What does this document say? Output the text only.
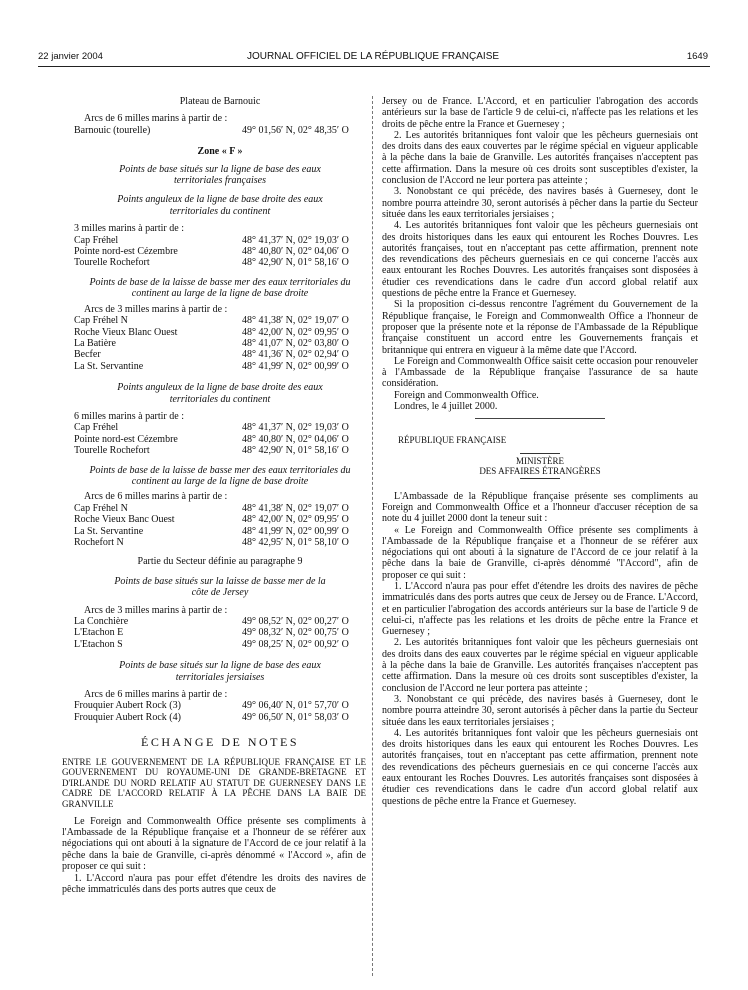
22 janvier 2004	JOURNAL OFFICIEL DE LA RÉPUBLIQUE FRANÇAISE	1649
Plateau de Barnouic
Arcs de 6 milles marins à partir de :
Barnouic (tourelle)	49° 01,56′ N, 02° 48,35′ O
Zone « F »
Points de base situés sur la ligne de base des eaux territoriales françaises
Points anguleux de la ligne de base droite des eaux territoriales du continent
3 milles marins à partir de :
Cap Fréhel	48° 41,37′ N, 02° 19,03′ O
Pointe nord-est Cézembre	48° 40,80′ N, 02° 04,06′ O
Tourelle Rochefort	48° 42,90′ N, 01° 58,16′ O
Points de base de la laisse de basse mer des eaux territoriales du continent au large de la ligne de base droite
Arcs de 3 milles marins à partir de :
Cap Fréhel N	48° 41,38′ N, 02° 19,07′ O
Roche Vieux Blanc Ouest	48° 42,00′ N, 02° 09,95′ O
La Batière	48° 41,07′ N, 02° 03,80′ O
Becfer	48° 41,36′ N, 02° 02,94′ O
La St. Servantine	48° 41,99′ N, 02° 00,99′ O
Points anguleux de la ligne de base droite des eaux territoriales du continent
6 milles marins à partir de :
Cap Fréhel	48° 41,37′ N, 02° 19,03′ O
Pointe nord-est Cézembre	48° 40,80′ N, 02° 04,06′ O
Tourelle Rochefort	48° 42,90′ N, 01° 58,16′ O
Points de base de la laisse de basse mer des eaux territoriales du continent au large de la ligne de base droite
Arcs de 6 milles marins à partir de :
Cap Fréhel N	48° 41,38′ N, 02° 19,07′ O
Roche Vieux Banc Ouest	48° 42,00′ N, 02° 09,95′ O
La St. Servantine	48° 41,99′ N, 02° 00,99′ O
Rochefort N	48° 42,95′ N, 01° 58,10′ O
Partie du Secteur définie au paragraphe 9
Points de base situés sur la laisse de basse mer de la côte de Jersey
Arcs de 3 milles marins à partir de :
La Conchière	49° 08,52′ N, 02° 00,27′ O
L'Etachon E	49° 08,32′ N, 02° 00,75′ O
L'Etachon S	49° 08,25′ N, 02° 00,92′ O
Points de base situés sur la ligne de base des eaux territoriales jersiaises
Arcs de 6 milles marins à partir de :
Frouquier Aubert Rock (3)	49° 06,40′ N, 01° 57,70′ O
Frouquier Aubert Rock (4)	49° 06,50′ N, 01° 58,03′ O
ÉCHANGE DE NOTES
ENTRE LE GOUVERNEMENT DE LA RÉPUBLIQUE FRANÇAISE ET LE GOUVERNEMENT DU ROYAUME-UNI DE GRANDE-BRETAGNE ET D'IRLANDE DU NORD RELATIF AU STATUT DE GUERNESEY DANS LE CADRE DE L'ACCORD RELATIF À LA PÊCHE DANS LA BAIE DE GRANVILLE

Le Foreign and Commonwealth Office présente ses compliments à l'Ambassade de la République française et a l'honneur de se référer aux négociations qui ont abouti à la signature de l'Accord de ce jour relatif à la pêche dans la baie de Granville, ci-après dénommé « l'Accord », afin de proposer ce qui suit :

1. L'Accord n'aura pas pour effet d'étendre les droits des navires de pêche immatriculés dans des ports autres que ceux de

Jersey ou de France. L'Accord, et en particulier l'abrogation des accords antérieurs sur la base de l'article 9 de celui-ci, n'affecte pas les relations et les droits de pêche entre la France et Guernesey ;

2. Les autorités britanniques font valoir que les pêcheurs guernesiais ont des droits dans des eaux couvertes par le régime spécial en vigueur applicable à la pêche dans la baie de Granville. Les autorités françaises n'acceptent pas cette affirmation. Dans la mesure où ces droits sont susceptibles d'exister, la conclusion de l'Accord ne leur portera pas atteinte ;

3. Nonobstant ce qui précède, des navires basés à Guernesey, dont le nombre pourra atteindre 30, seront autorisés à pêcher dans la partie du Secteur située dans les eaux territoriales jersiaises ;

4. Les autorités britanniques font valoir que les pêcheurs guernesiais ont des droits historiques dans les eaux qui entourent les Roches Douvres. Les autorités françaises, tout en n'acceptant pas cette affirmation, prennent note des revendications des pêcheurs guernesiais en ce qui concerne l'accès aux eaux entourant les Roches Douvres. Les autorités françaises sont disposées à étudier ces revendications dans le cadre d'un accord global relatif aux questions de pêche entre la France et Guernesey.

Si la proposition ci-dessus rencontre l'agrément du Gouvernement de la République française, le Foreign and Commonwealth Office a l'honneur de proposer que la présente note et la réponse de l'Ambassade de la République française constituent un accord entre les Gouvernements français et britannique qui entrera en vigueur à la même date que l'Accord.

Le Foreign and Commonwealth Office saisit cette occasion pour renouveler à l'Ambassade de la République française l'assurance de sa haute considération.

Foreign and Commonwealth Office.
Londres, le 4 juillet 2000.
RÉPUBLIQUE FRANÇAISE
MINISTÈRE
DES AFFAIRES ÉTRANGÈRES

L'Ambassade de la République française présente ses compliments au Foreign and Commonwealth Office et a l'honneur d'accuser réception de sa note du 4 juillet 2000 dont la teneur suit :

« Le Foreign and Commonwealth Office présente ses compliments à l'Ambassade de la République française et a l'honneur de se référer aux négociations qui ont abouti à la signature de l'Accord de ce jour relatif à la pêche dans la baie de Granville, ci-après dénommé "l'Accord", afin de proposer ce qui suit :

1. L'Accord n'aura pas pour effet d'étendre les droits des navires de pêche immatriculés dans des ports autres que ceux de Jersey ou de France. L'Accord, et en particulier l'abrogation des accords antérieurs sur la base de l'article 9 de celui-ci, n'affecte pas les relations et les droits de pêche entre la France et Guernesey ;

2. Les autorités britanniques font valoir que les pêcheurs guernesiais ont des droits dans des eaux couvertes par le régime spécial en vigueur applicable à la pêche dans la baie de Granville. Les autorités françaises n'acceptent pas cette affirmation. Dans la mesure où ces droits sont susceptibles d'exister, la conclusion de l'Accord ne leur portera pas atteinte ;

3. Nonobstant ce qui précède, des navires basés à Guernesey, dont le nombre pourra atteindre 30, seront autorisés à pêcher dans la partie du Secteur située dans les eaux territoriales jersiaises ;

4. Les autorités britanniques font valoir que les pêcheurs guernesiais ont des droits historiques dans les eaux qui entourent les Roches Douvres. Les autorités françaises, tout en n'acceptant pas cette affirmation, prennent note des revendications des pêcheurs guernesiais en ce qui concerne l'accès aux eaux entourant les Roches Douvres. Les autorités françaises sont disposées à étudier ces revendications dans le cadre d'un accord global relatif aux questions de pêche entre la France et Guernesey.
